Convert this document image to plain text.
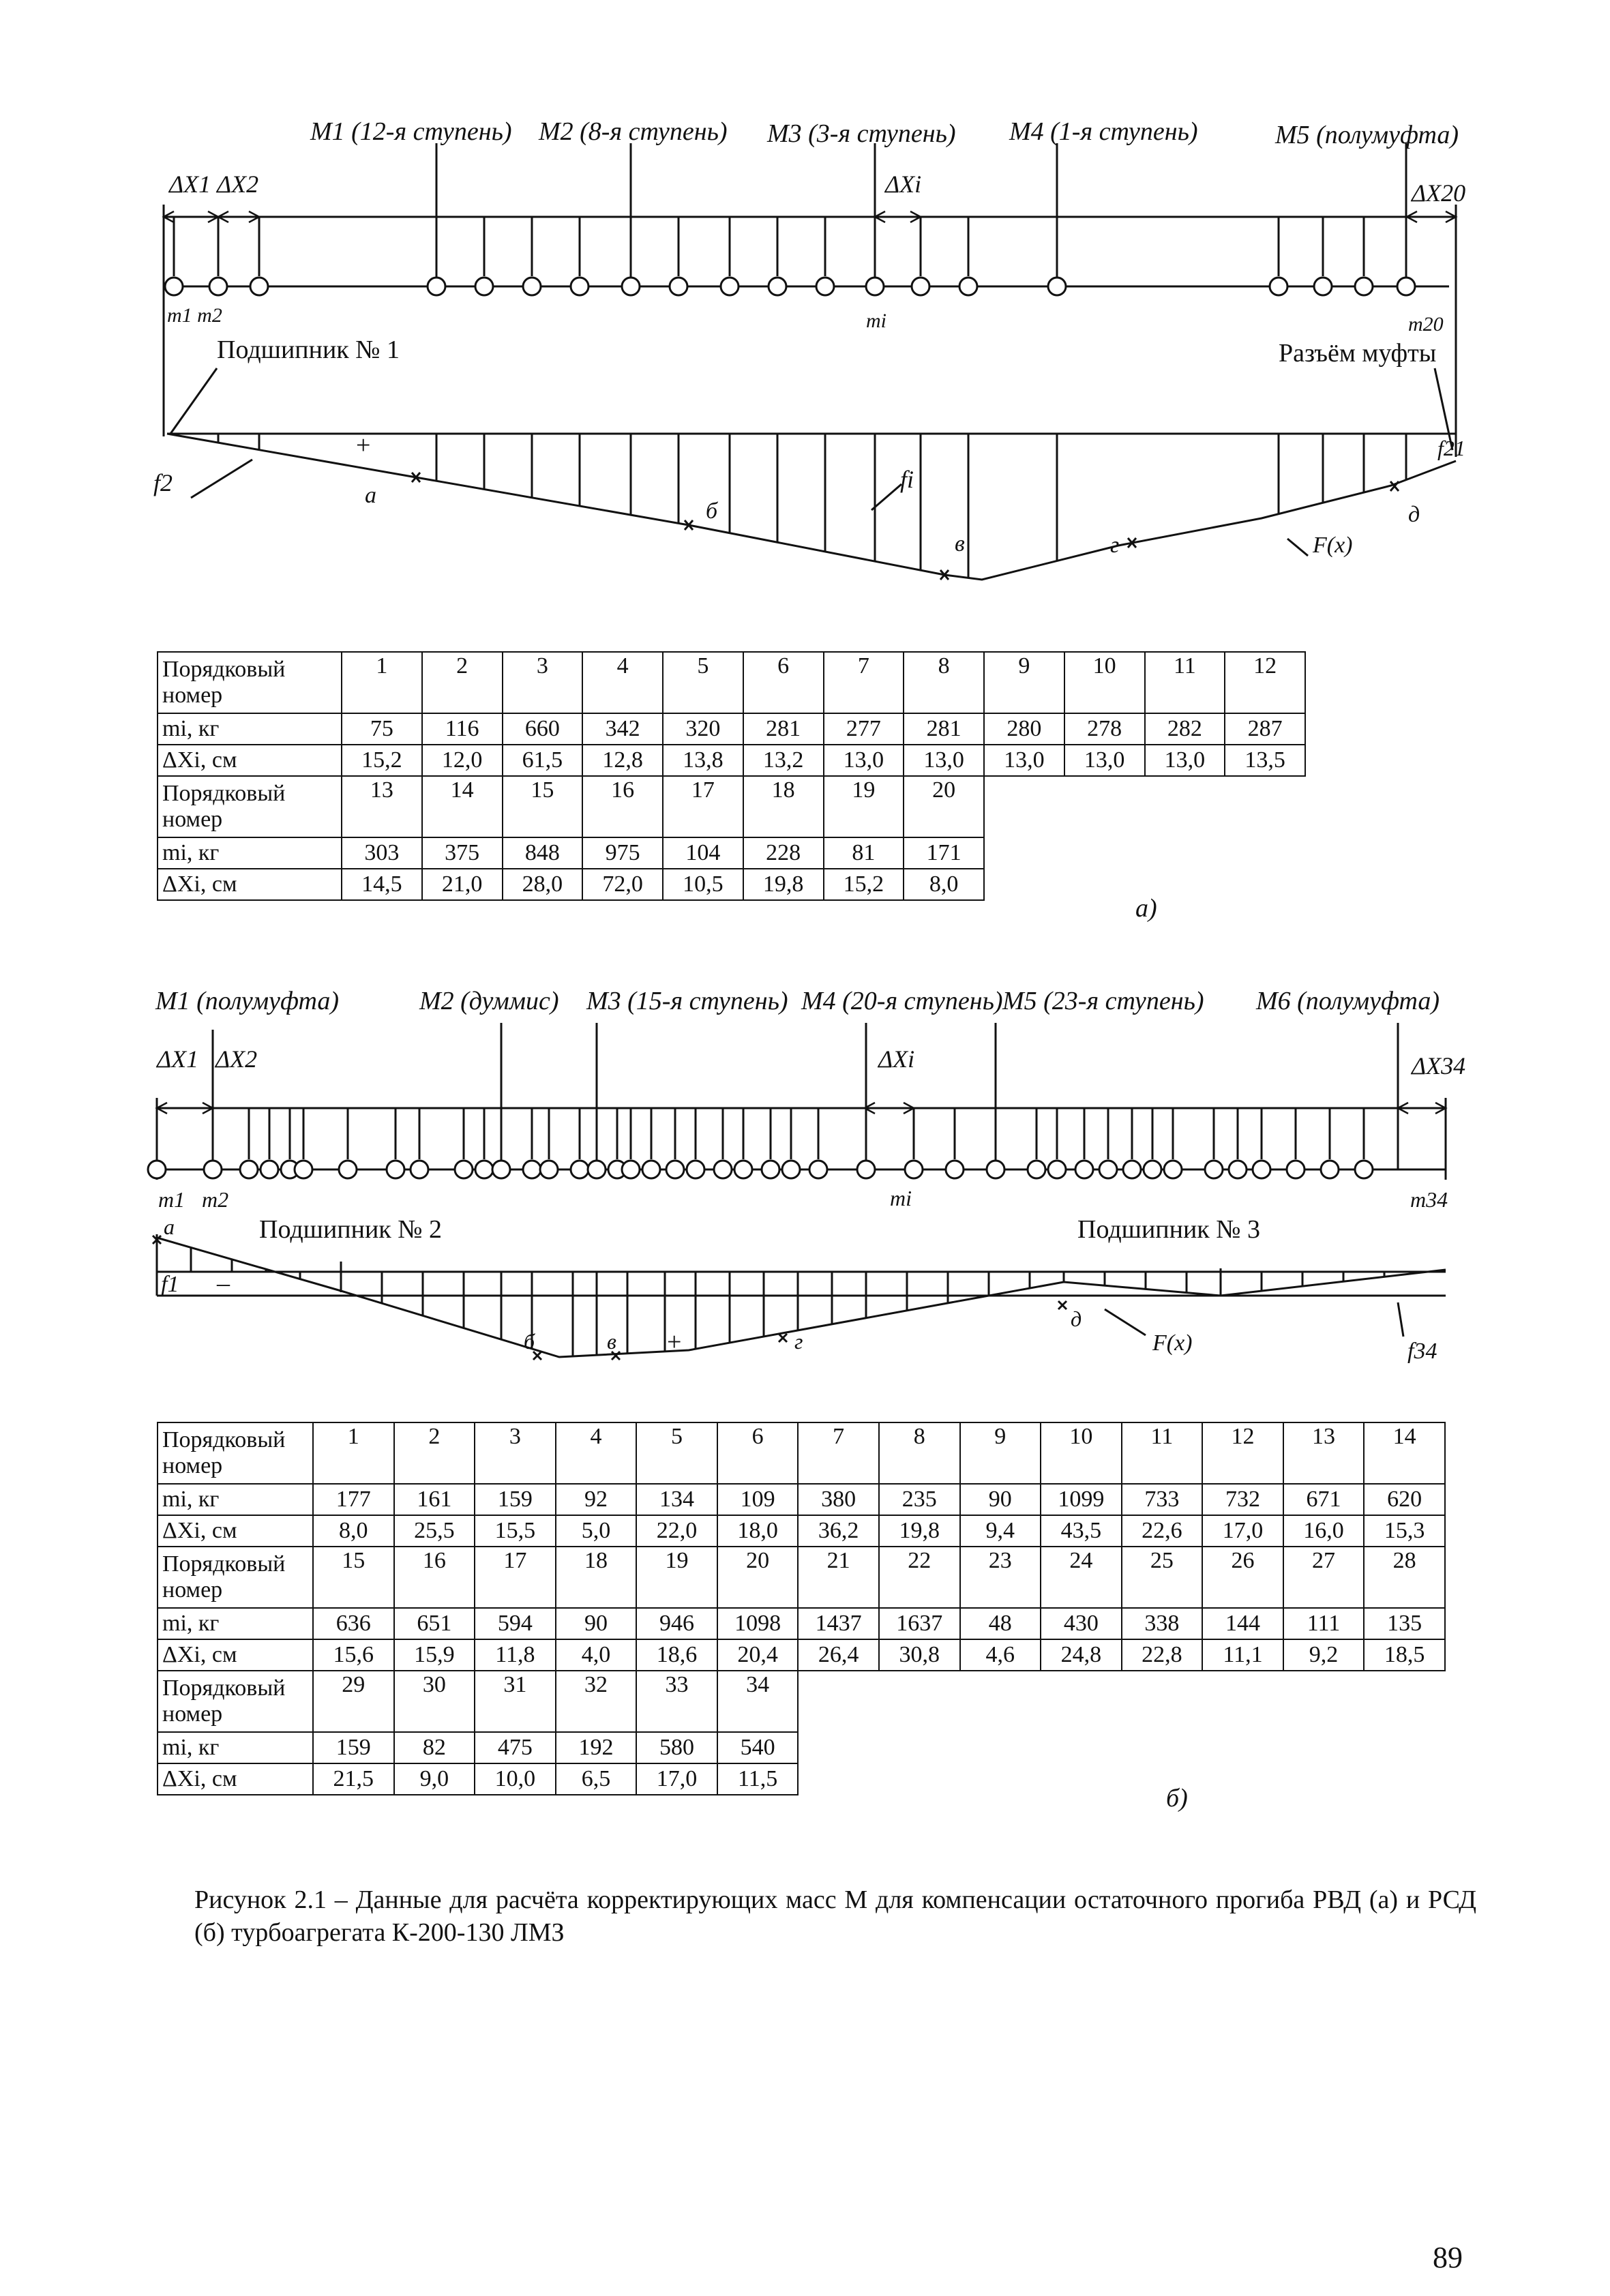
M1 (12-я ступень) M2 (8-я ступень) M3 (3-я ступень) M4 (1-я ступень)	M5 (полумуфта)
ΔX1 ΔX2	ΔXi	ΔX20
m1 m2	mi	m20
Подшипник № 1	Разъём муфты
f2	fi
f21
F(x)
+
а
б
в	г
д
Порядковый номер	1	2	3	4	5	6	7	8	9	10	11	12
mi, кг	75	116	660	342	320	281	277	281	280	278	282	287
ΔXi, см	15,2	12,0	61,5	12,8	13,8	13,2	13,0	13,0	13,0	13,0	13,0	13,5
Порядковый номер	13	14	15	16	17	18	19	20				
mi, кг	303	375	848	975	104	228	81	171				
ΔXi, см	14,5	21,0	28,0	72,0	10,5	19,8	15,2	8,0				
а)
M1 (полумуфта)	M2 (думмис) M3 (15-я ступень) M4 (20-я ступень) M5 (23-я ступень) M6 (полумуфта)
ΔX1 ΔX2	ΔXi	ΔX34
m1 m2	mi	m34
Подшипник № 2	Подшипник № 3
f1
f34
F(x)
+
–
а
б	в	г
д
Порядковый номер	1	2	3	4	5	6	7	8	9	10	11	12	13	14
mi, кг	177	161	159	92	134	109	380	235	90	1099	733	732	671	620
ΔXi, см	8,0	25,5	15,5	5,0	22,0	18,0	36,2	19,8	9,4	43,5	22,6	17,0	16,0	15,3
Порядковый номер	15	16	17	18	19	20	21	22	23	24	25	26	27	28
mi, кг	636	651	594	90	946	1098	1437	1637	48	430	338	144	111	135
ΔXi, см	15,6	15,9	11,8	4,0	18,6	20,4	26,4	30,8	4,6	24,8	22,8	11,1	9,2	18,5
Порядковый номер	29	30	31	32	33	34								
mi, кг	159	82	475	192	580	540								
ΔXi, см	21,5	9,0	10,0	6,5	17,0	11,5								
б)
Рисунок 2.1 – Данные для расчёта корректирующих масс M для компенсации остаточного прогиба РВД (а) и РСД (б) турбоагрегата К-200-130 ЛМЗ
89
